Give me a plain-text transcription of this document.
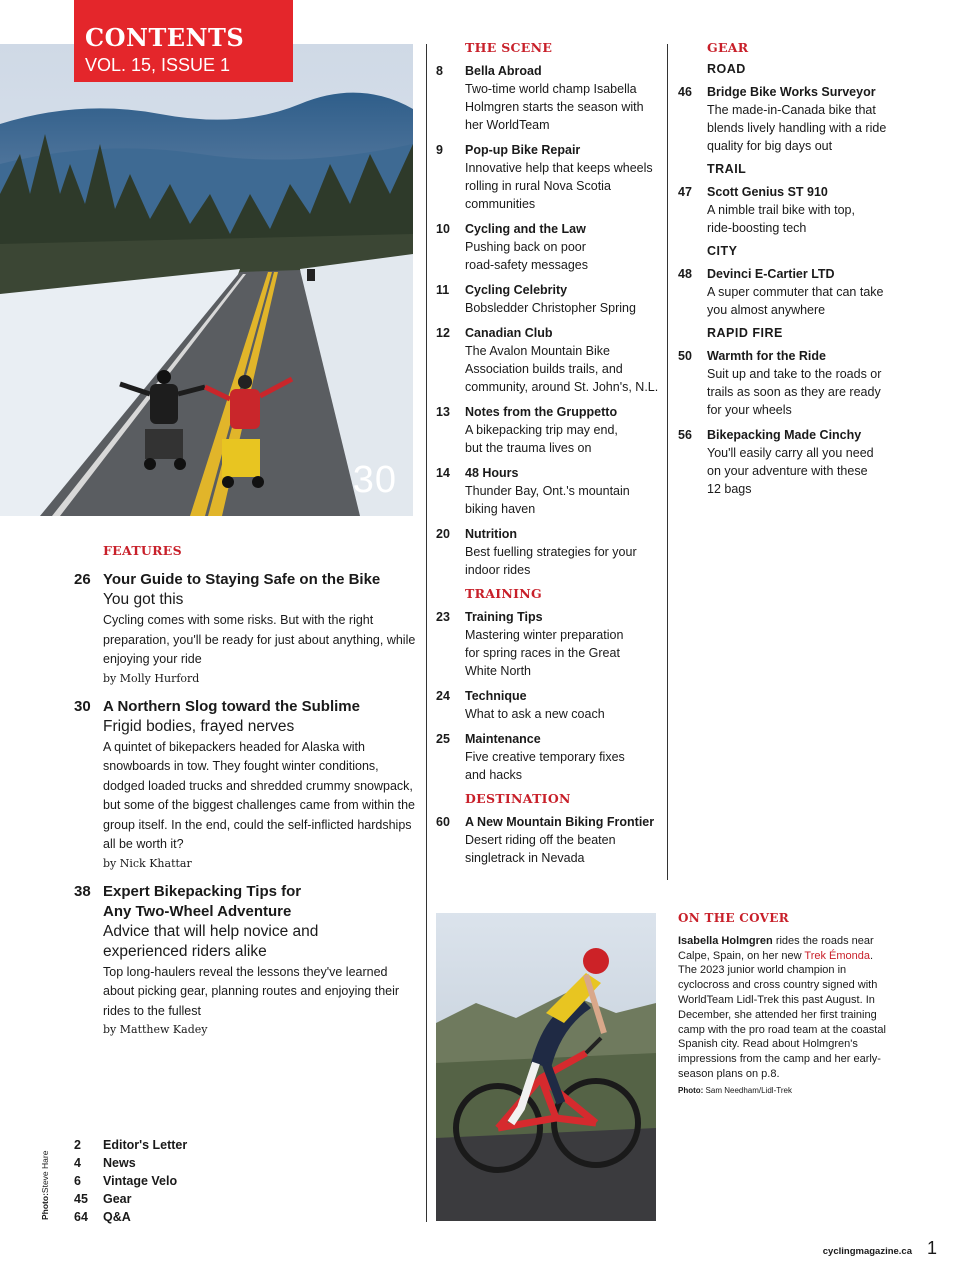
CONTENTS
VOL. 15, ISSUE 1
30
FEATURES
26 Your Guide to Staying Safe on the Bike
You got this
Cycling comes with some risks. But with the right preparation, you'll be ready for just about anything, while enjoying your ride
by Molly Hurford
30 A Northern Slog toward the Sublime
Frigid bodies, frayed nerves
A quintet of bikepackers headed for Alaska with snowboards in tow. They fought winter conditions, dodged loaded trucks and shredded crummy snowpack, but some of the biggest challenges came from within the group itself. In the end, could the self-inflicted hardships all be worth it?
by Nick Khattar
38 Expert Bikepacking Tips for Any Two-Wheel Adventure
Advice that will help novice and experienced riders alike
Top long-haulers reveal the lessons they've learned about picking gear, planning routes and enjoying their rides to the fullest
by Matthew Kadey
2 Editor's Letter
4 News
6 Vintage Velo
45 Gear
64 Q&A
Photo:Steve Hare
THE SCENE
8 Bella Abroad
Two-time world champ Isabella Holmgren starts the season with her WorldTeam
9 Pop-up Bike Repair
Innovative help that keeps wheels rolling in rural Nova Scotia communities
10 Cycling and the Law
Pushing back on poor road-safety messages
11 Cycling Celebrity
Bobsledder Christopher Spring
12 Canadian Club
The Avalon Mountain Bike Association builds trails, and community, around St. John's, N.L.
13 Notes from the Gruppetto
A bikepacking trip may end, but the trauma lives on
14 48 Hours
Thunder Bay, Ont.'s mountain biking haven
20 Nutrition
Best fuelling strategies for your indoor rides
TRAINING
23 Training Tips
Mastering winter preparation for spring races in the Great White North
24 Technique
What to ask a new coach
25 Maintenance
Five creative temporary fixes and hacks
DESTINATION
60 A New Mountain Biking Frontier
Desert riding off the beaten singletrack in Nevada
GEAR
ROAD
46 Bridge Bike Works Surveyor
The made-in-Canada bike that blends lively handling with a ride quality for big days out
TRAIL
47 Scott Genius ST 910
A nimble trail bike with top, ride-boosting tech
CITY
48 Devinci E-Cartier LTD
A super commuter that can take you almost anywhere
RAPID FIRE
50 Warmth for the Ride
Suit up and take to the roads or trails as soon as they are ready for your wheels
56 Bikepacking Made Cinchy
You'll easily carry all you need on your adventure with these 12 bags
ON THE COVER

Isabella Holmgren rides the roads near Calpe, Spain, on her new Trek Émonda. The 2023 junior world champion in cyclocross and cross country signed with WorldTeam Lidl-Trek this past August. In December, she attended her first training camp with the pro road team at the coastal Spanish city. Read about Holmgren's impressions from the camp and her early-season plans on p.8.

Photo: Sam Needham/Lidl-Trek
cyclingmagazine.ca 1
